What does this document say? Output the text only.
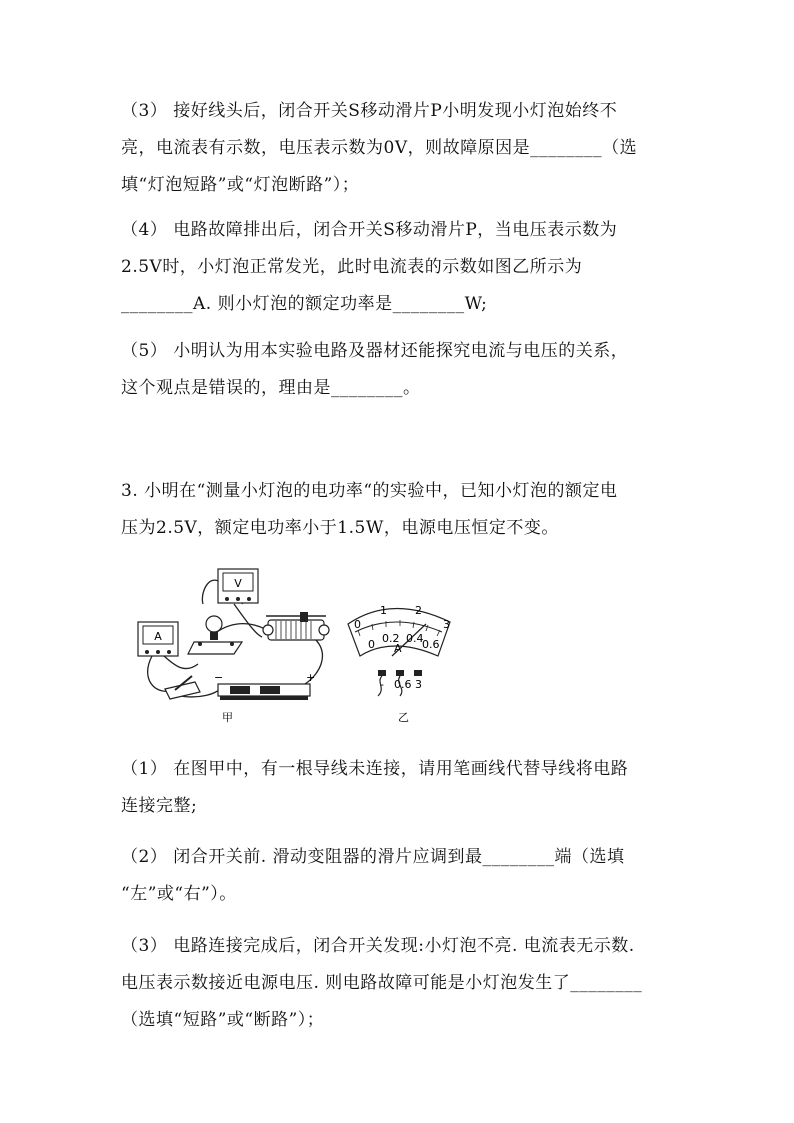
（3） 接好线头后，闭合开关S移动滑片P小明发现小灯泡始终不
亮，电流表有示数，电压表示数为0V，则故障原因是________（选
填“灯泡短路”或“灯泡断路”）；
（4） 电路故障排出后，闭合开关S移动滑片P，当电压表示数为
2.5V时，小灯泡正常发光，此时电流表的示数如图乙所示为
________A. 则小灯泡的额定功率是________W;
（5） 小明认为用本实验电路及器材还能探究电流与电压的关系，
这个观点是错误的，理由是________。
3. 小明在“测量小灯泡的电功率“的实验中，已知小灯泡的额定电
压为2.5V，额定电功率小于1.5W，电源电压恒定不变。
A
V
−	+
甲
0
1	2
3
0 0.2 0.4
0.6
A
- 0.6 3
乙
（1） 在图甲中，有一根导线未连接，请用笔画线代替导线将电路
连接完整;
（2） 闭合开关前. 滑动变阻器的滑片应调到最________端（选填
“左”或“右”）。
（3） 电路连接完成后，闭合开关发现:小灯泡不亮. 电流表无示数.
电压表示数接近电源电压. 则电路故障可能是小灯泡发生了________
（选填“短路”或“断路”）；
